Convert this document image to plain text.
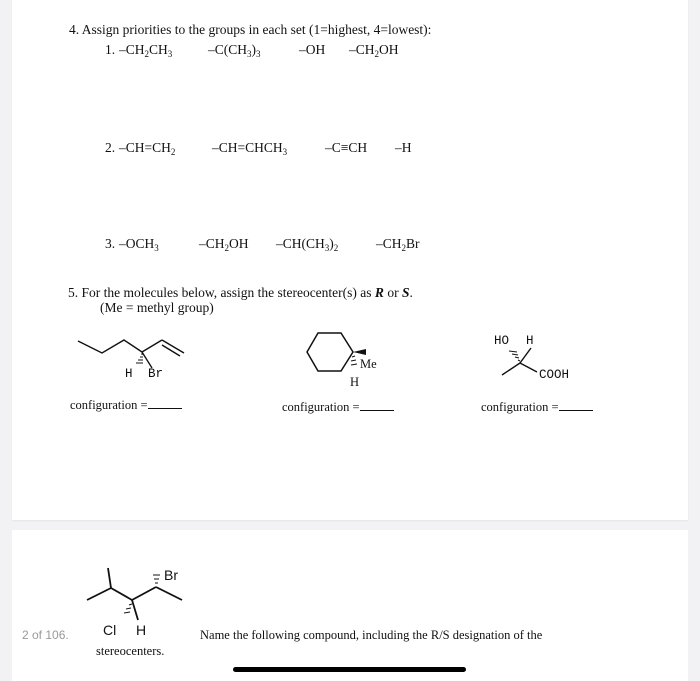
4. Assign priorities to the groups in each set (1=highest, 4=lowest):
1. $-CH_2CH_3$	$-C(CH_3)_3$	–OH $-CH_2OH$
2. $-CH=CH_2$	$-CH=CHCH_3$	–C≡CH –H
3. $-OCH_3$	$-CH_2OH$ $-CH(CH_3)_2$	$-CH_2Br$
5. For the molecules below, assign the stereocenter(s) as R or S.
(Me = methyl group)
H Br
configuration =
Me
H
configuration =
HO H
COOH
configuration =
Br
Cl H	Name the following compound, including the R/S designation of the
stereocenters.
2 of 106.
